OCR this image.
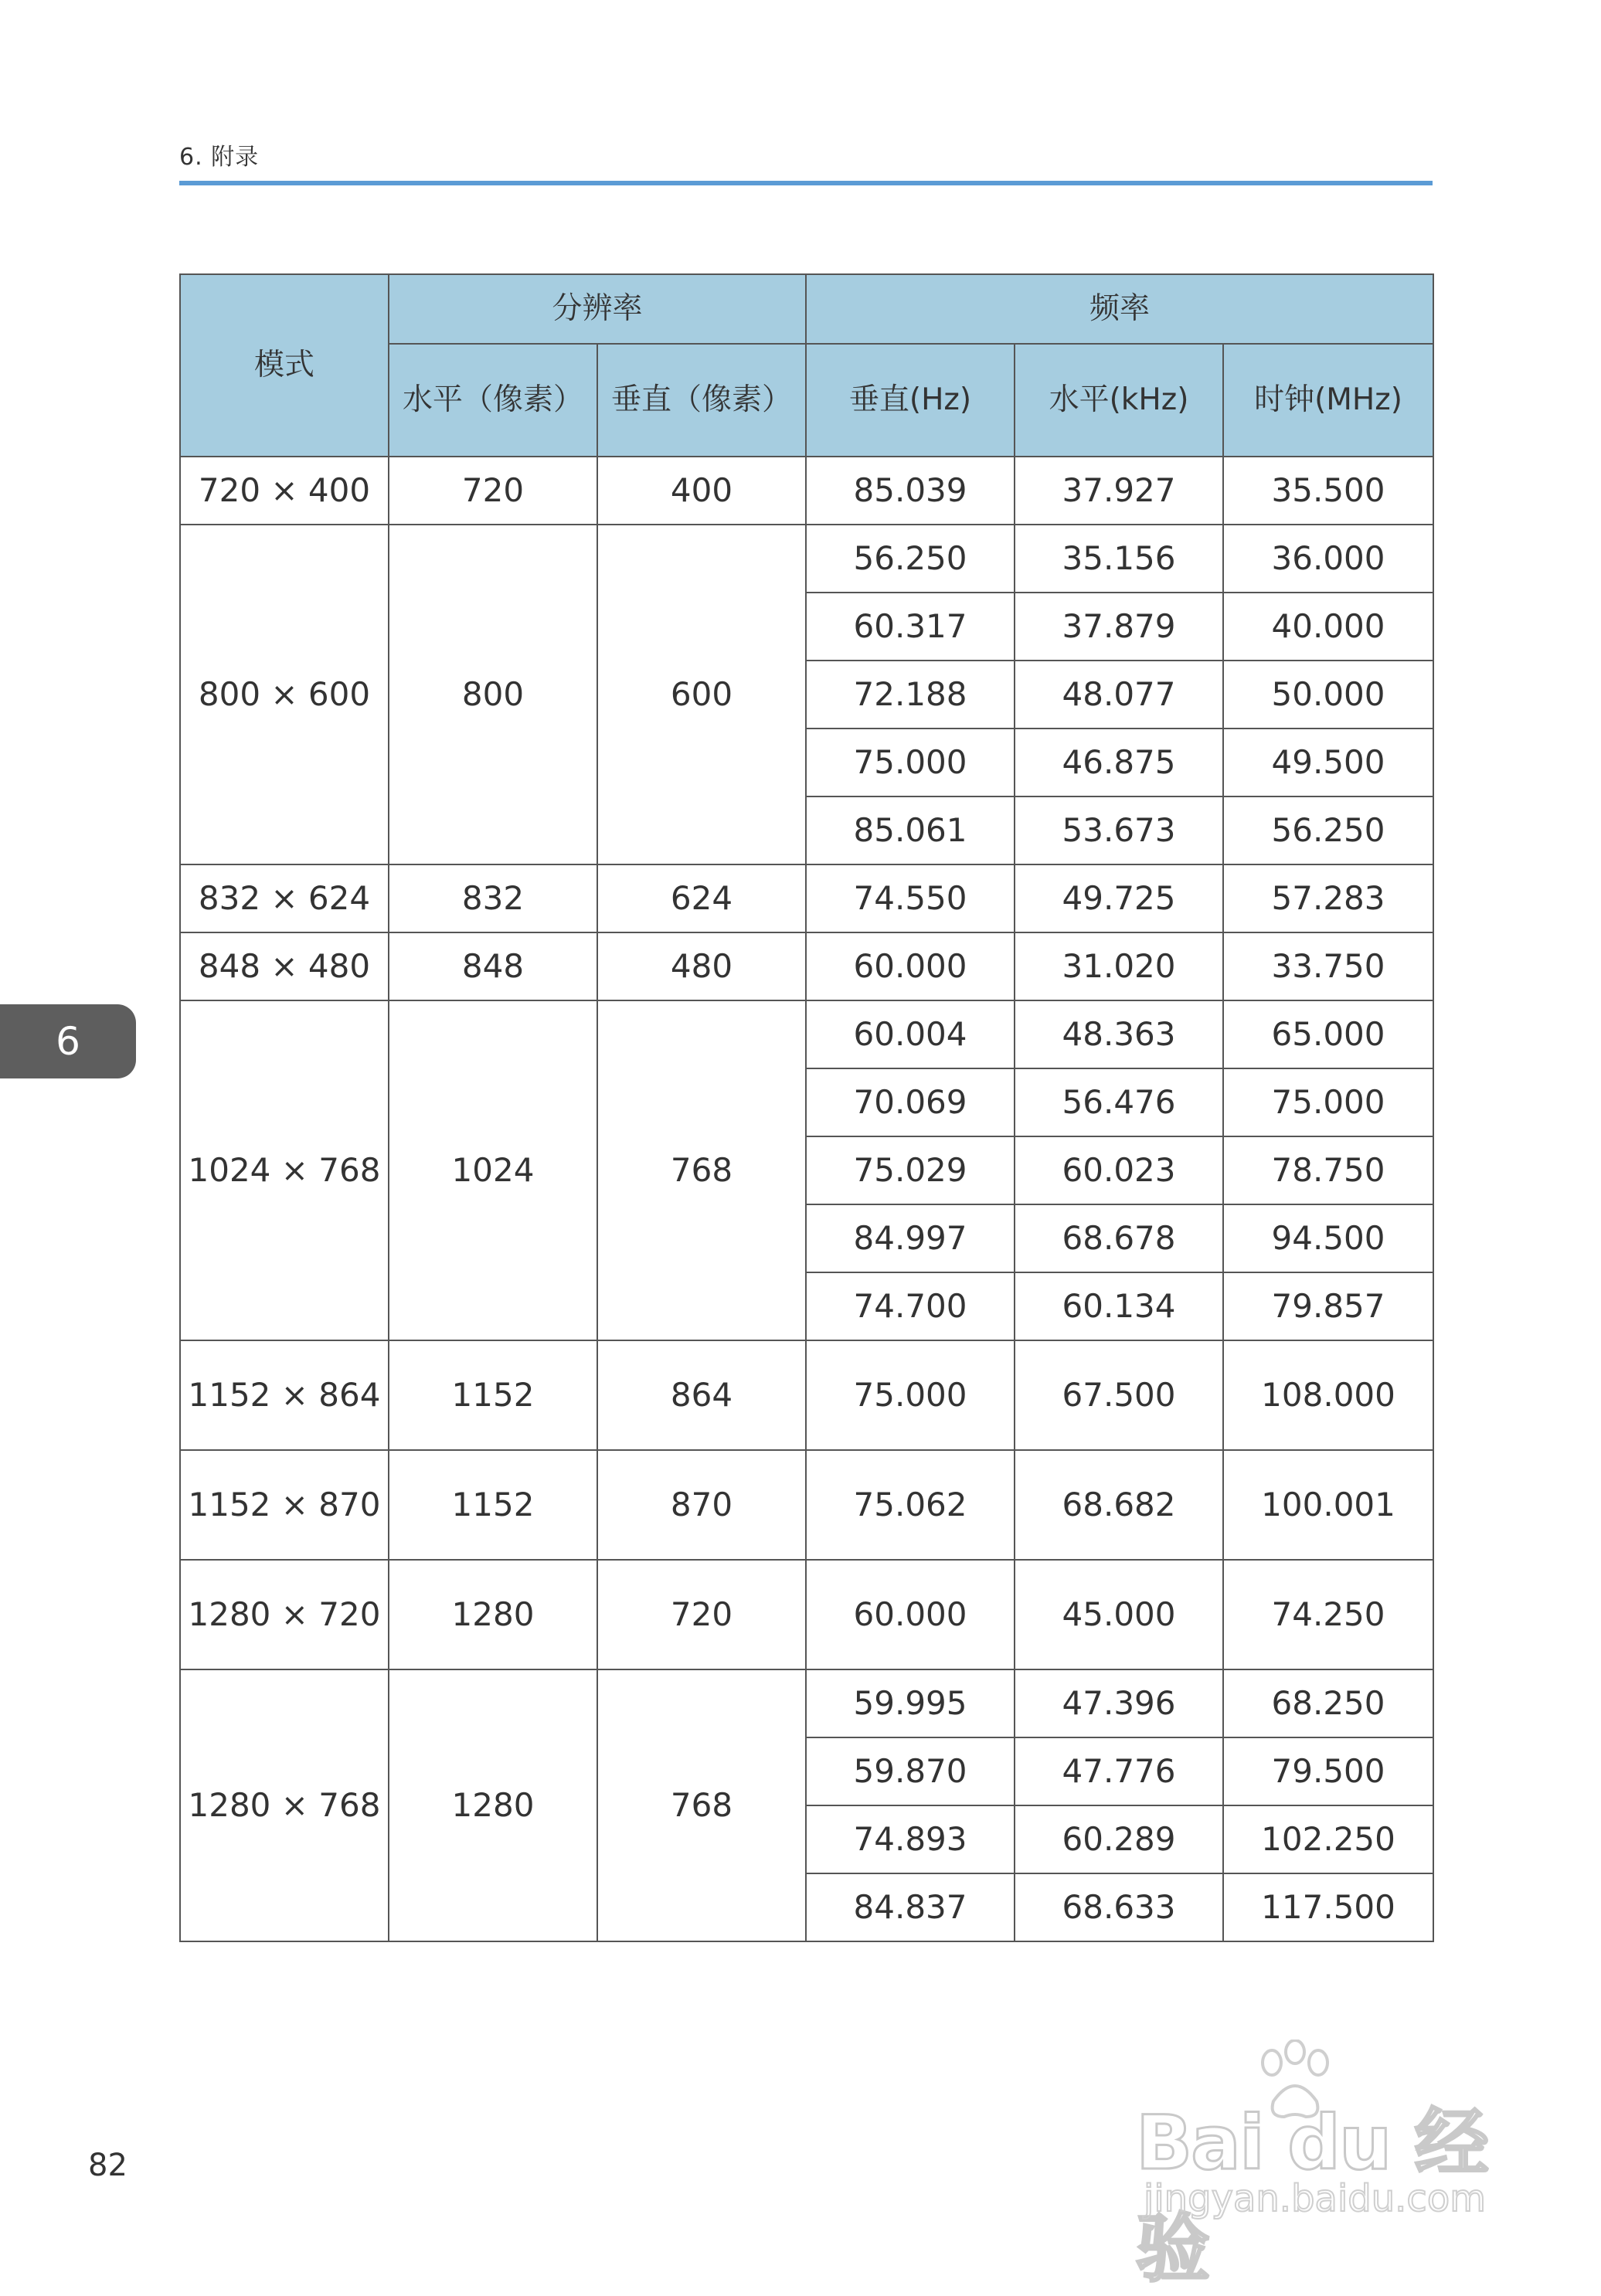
6. 附录
模式	分辨率		频率		
	水平（像素）	垂直（像素）	垂直(Hz)	水平(kHz)	时钟(MHz)
720 × 400	720	400	85.039	37.927	35.500
800 × 600	800	600	56.250	35.156	36.000
			60.317	37.879	40.000
			72.188	48.077	50.000
			75.000	46.875	49.500
			85.061	53.673	56.250
832 × 624	832	624	74.550	49.725	57.283
848 × 480	848	480	60.000	31.020	33.750
1024 × 768	1024	768	60.004	48.363	65.000
			70.069	56.476	75.000
			75.029	60.023	78.750
			84.997	68.678	94.500
			74.700	60.134	79.857
1152 × 864	1152	864	75.000	67.500	108.000
1152 × 870	1152	870	75.062	68.682	100.001
1280 × 720	1280	720	60.000	45.000	74.250
1280 × 768	1280	768	59.995	47.396	68.250
			59.870	47.776	79.500
			74.893	60.289	102.250
			84.837	68.633	117.500
6
82	Bai du 经验
jingyan.baidu.com
